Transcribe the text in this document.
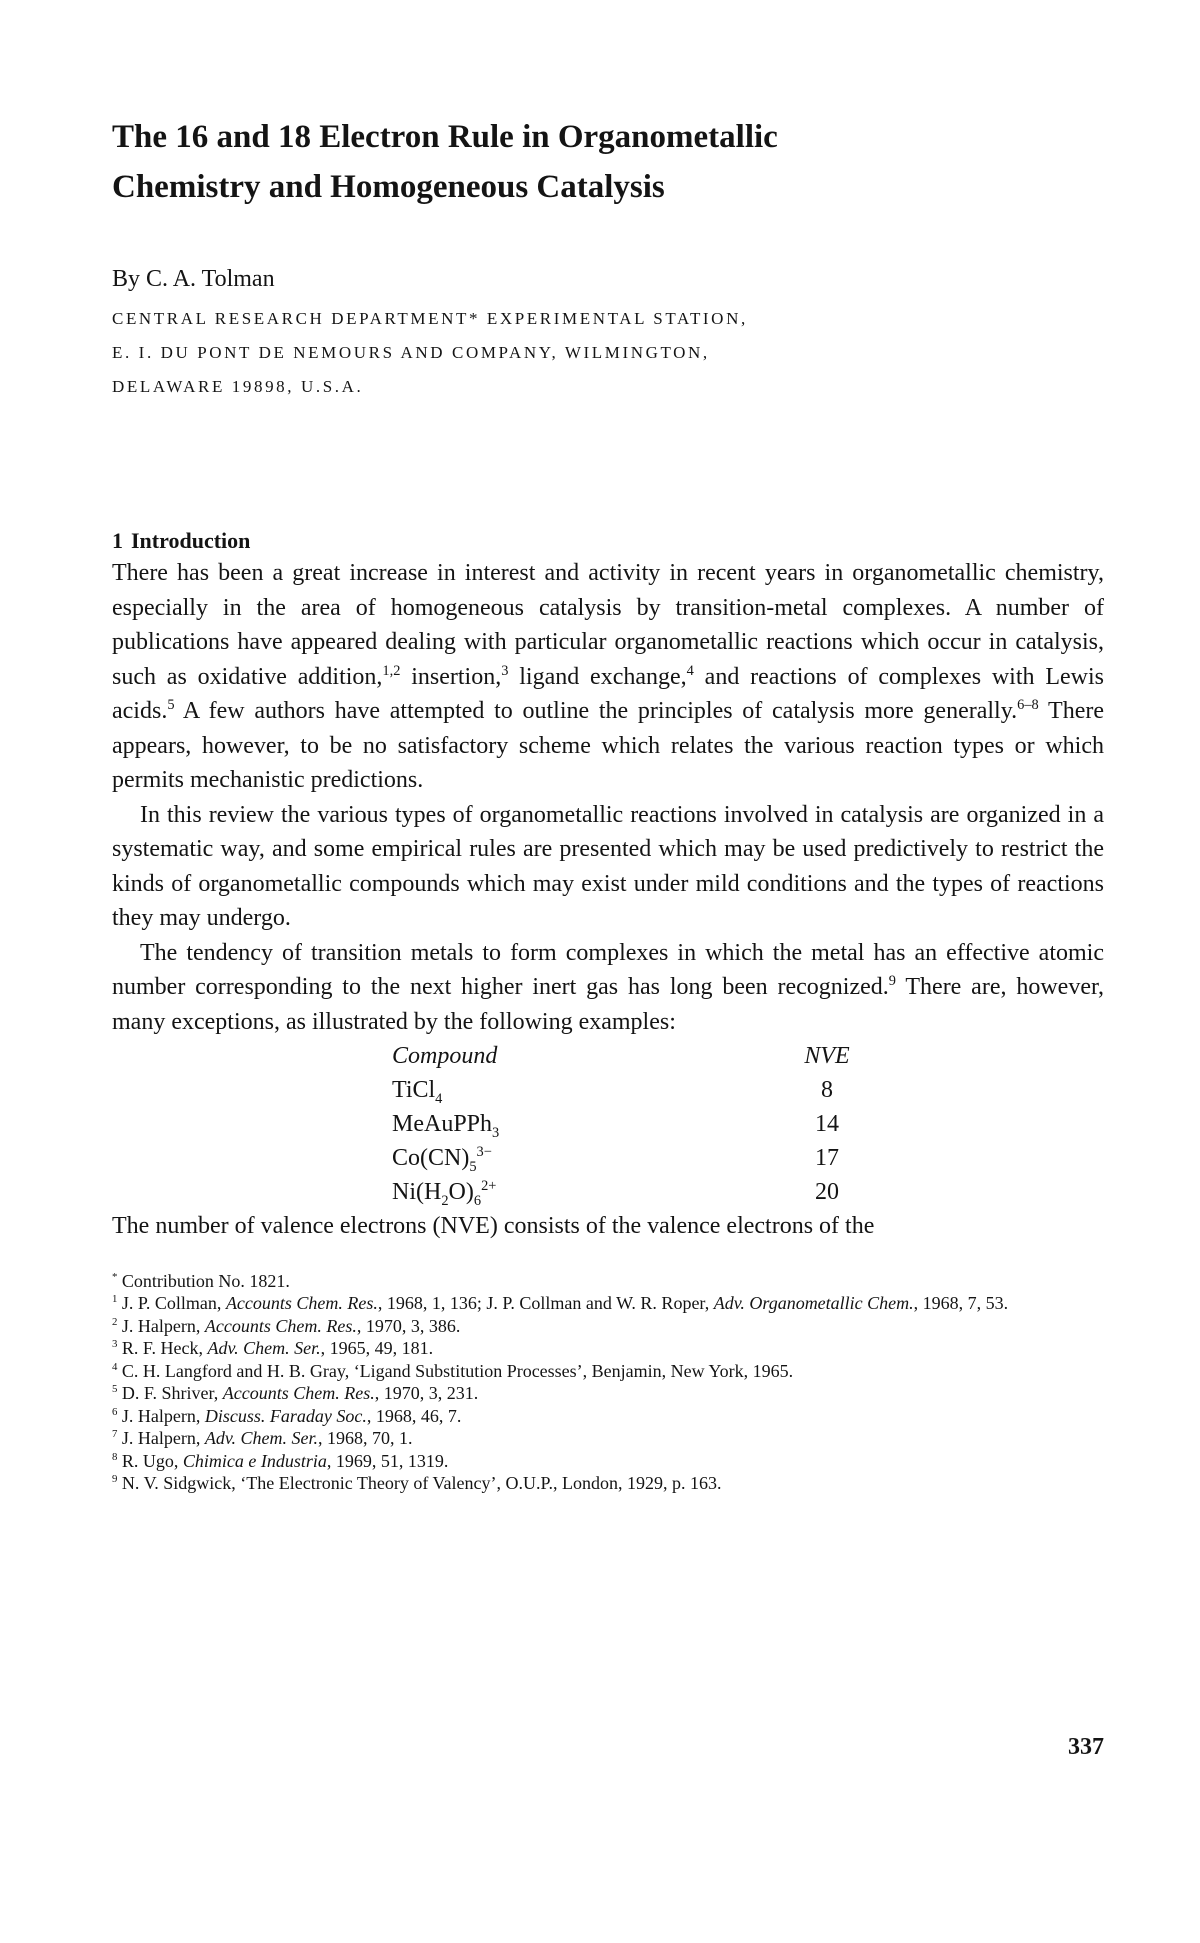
The 16 and 18 Electron Rule in Organometallic
Chemistry and Homogeneous Catalysis
By C. A. Tolman
CENTRAL RESEARCH DEPARTMENT* EXPERIMENTAL STATION,
E. I. DU PONT DE NEMOURS AND COMPANY, WILMINGTON,
DELAWARE 19898, U.S.A.
1 Introduction

There has been a great increase in interest and activity in recent years in organometallic chemistry, especially in the area of homogeneous catalysis by transition-metal complexes. A number of publications have appeared dealing with particular organometallic reactions which occur in catalysis, such as oxidative addition,$^{1,2}$ insertion,$^3$ ligand exchange,$^4$ and reactions of complexes with Lewis acids.$^5$ A few authors have attempted to outline the principles of catalysis more generally.$^{6-8}$ There appears, however, to be no satisfactory scheme which relates the various reaction types or which permits mechanistic predictions.

In this review the various types of organometallic reactions involved in catalysis are organized in a systematic way, and some empirical rules are presented which may be used predictively to restrict the kinds of organometallic compounds which may exist under mild conditions and the types of reactions they may undergo.

The tendency of transition metals to form complexes in which the metal has an effective atomic number corresponding to the next higher inert gas has long been recognized.$^9$ There are, however, many exceptions, as illustrated by the following examples:

Compound	NVE
TiCl$_4$	8
MeAuPPh$_3$	14
$Co(CN)_5^{3-}$	17
$Ni(H_2O)_6^{2+}$	20

The number of valence electrons (NVE) consists of the valence electrons of the

* Contribution No. 1821.

$^1$ J. P. Collman, Accounts Chem. Res., 1968, 1, 136; J. P. Collman and W. R. Roper, Adv. Organometallic Chem., 1968, 7, 53.

$^2$ J. Halpern, Accounts Chem. Res., 1970, 3, 386.

$^3$ R. F. Heck, Adv. Chem. Ser., 1965, 49, 181.

$^4$ C. H. Langford and H. B. Gray, ‘Ligand Substitution Processes’, Benjamin, New York, 1965.

$^5$ D. F. Shriver, Accounts Chem. Res., 1970, 3, 231.

$^6$ J. Halpern, Discuss. Faraday Soc., 1968, 46, 7.

$^7$ J. Halpern, Adv. Chem. Ser., 1968, 70, 1.

$^8$ R. Ugo, Chimica e Industria, 1969, 51, 1319.

$^9$ N. V. Sidgwick, ‘The Electronic Theory of Valency’, O.U.P., London, 1929, p. 163.

337
